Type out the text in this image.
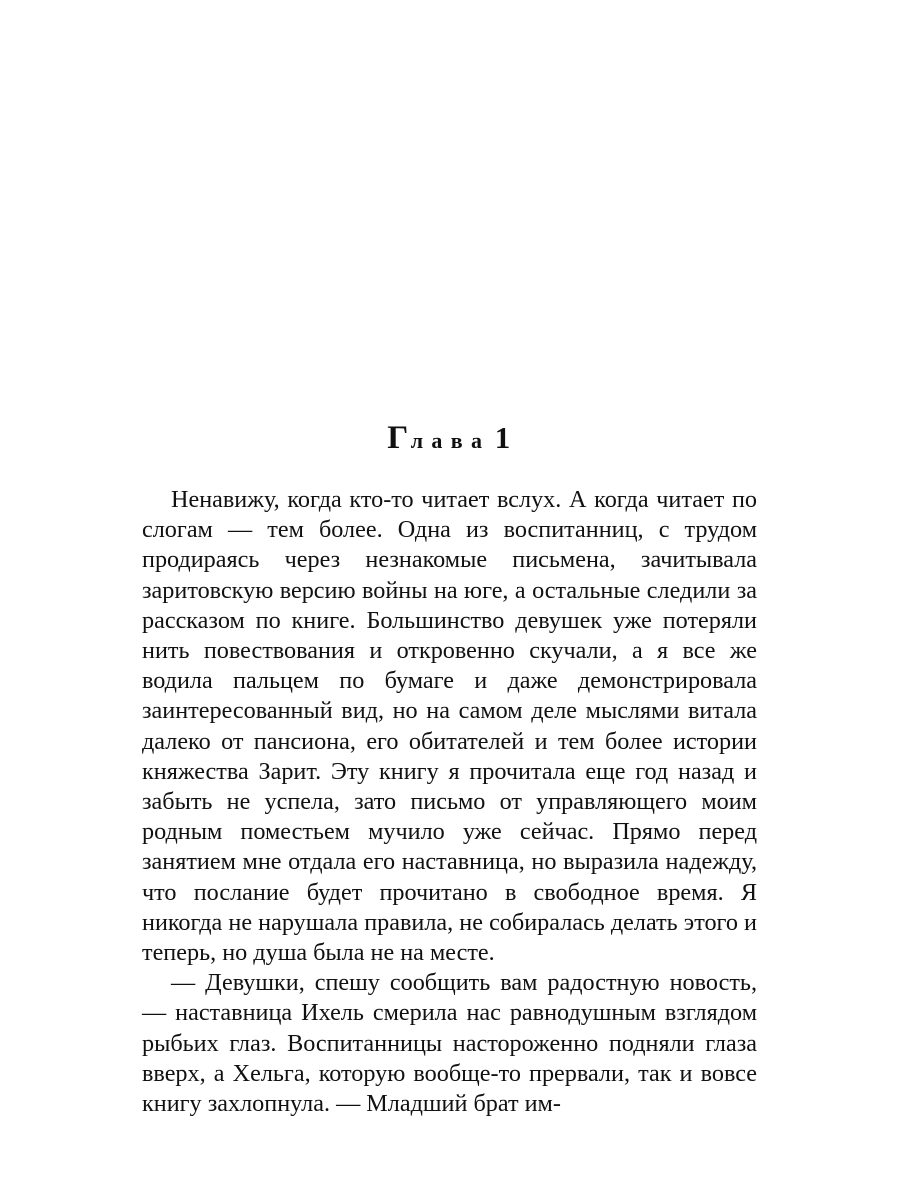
Глава 1

Ненавижу, когда кто-то читает вслух. А когда читает по слогам — тем более. Одна из воспитанниц, с трудом продираясь через незнакомые письмена, зачитывала заритовскую версию войны на юге, а остальные следили за рассказом по книге. Большинство девушек уже потеряли нить повествования и откровенно скучали, а я все же водила пальцем по бумаге и даже демонстрировала заинтересованный вид, но на самом деле мыслями витала далеко от пансиона, его обитателей и тем более истории княжества Зарит. Эту книгу я прочитала еще год назад и забыть не успела, зато письмо от управляющего моим родным поместьем мучило уже сейчас. Прямо перед занятием мне отдала его наставница, но выразила надежду, что послание будет прочитано в свободное время. Я никогда не нарушала правила, не собиралась делать этого и теперь, но душа была не на месте.

— Девушки, спешу сообщить вам радостную новость, — наставница Ихель смерила нас равнодушным взглядом рыбьих глаз. Воспитанницы настороженно подняли глаза вверх, а Хельга, которую вообще-то прервали, так и вовсе книгу захлопнула. — Младший брат им-
